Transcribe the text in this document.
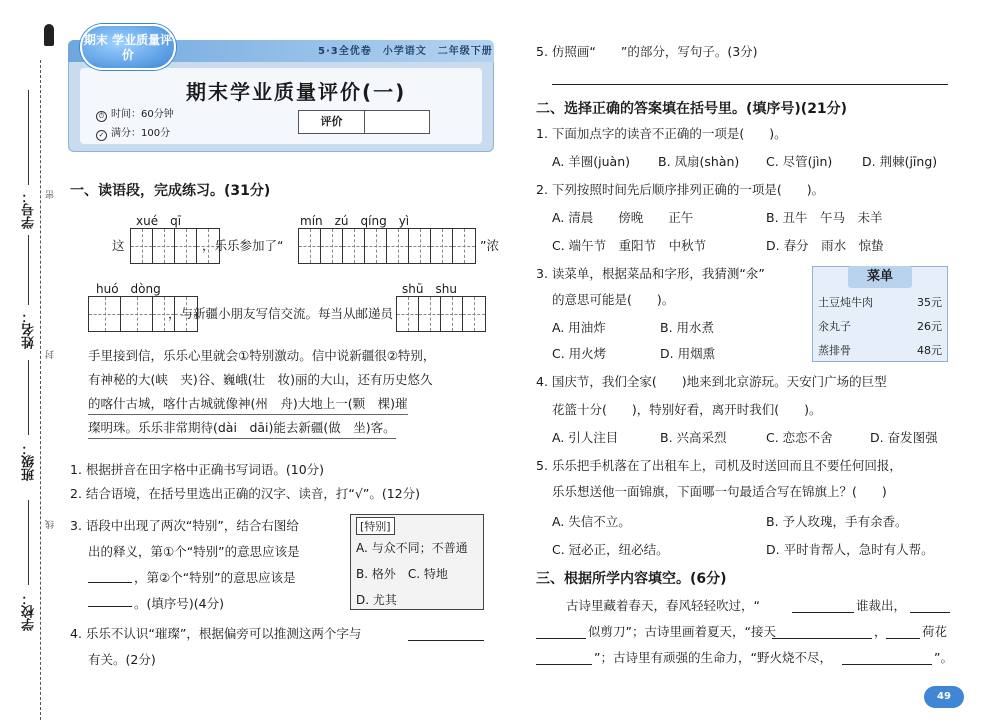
学号：
姓名：
班级：
学校：
密
封
线
期末 学业质量评价	5·3全优卷　小学语文　二年级下册
期末学业质量评价(一)
⏱ 时间：60分钟
✓ 满分：100分
评价
一、读语段，完成练习。(31分)
xué　qī
这	，乐乐参加了“
mín　zú　qíng　yì
”浓
huó　dòng
，与新疆小朋友写信交流。每当从邮递员
shū　shu
手里接到信，乐乐心里就会①特别激动。信中说新疆很②特别，
有神秘的大(峡　夹)谷、巍峨(壮　妆)丽的大山，还有历史悠久
的喀什古城，喀什古城就像神(州　舟)大地上一(颗　棵)璀
璨明珠。乐乐非常期待(dài　dāi)能去新疆(做　坐)客。
1. 根据拼音在田字格中正确书写词语。(10分)
2. 结合语境，在括号里选出正确的汉字、读音，打“√”。(12分)
3. 语段中出现了两次“特别”，结合右图给
出的释义，第①个“特别”的意思应该是
，第②个“特别”的意思应该是
。(填序号)(4分)
[特别]
A. 与众不同；不普通
B. 格外　C. 特地
D. 尤其
4. 乐乐不认识“璀璨”，根据偏旁可以推测这两个字与
有关。(2分)
5. 仿照画“　　”的部分，写句子。(3分)
二、选择正确的答案填在括号里。(填序号)(21分)
1. 下面加点字的读音不正确的一项是(　　)。
A. 羊圈(juàn) B. 凤扇(shàn) C. 尽管(jìn) D. 荆棘(jīng)
2. 下列按照时间先后顺序排列正确的一项是(　　)。
A. 清晨　　傍晚　　正午	B. 丑牛　午马　未羊
C. 端午节　重阳节　中秋节	D. 春分　雨水　惊蛰
3. 读菜单，根据菜品和字形，我猜测“氽”
的意思可能是(　　)。
A. 用油炸	B. 用水煮
C. 用火烤	D. 用烟熏
菜单
土豆炖牛肉	35元
氽丸子	26元
蒸排骨	48元
4. 国庆节，我们全家(　　)地来到北京游玩。天安门广场的巨型
花篮十分(　　)，特别好看，离开时我们(　　)。
A. 引人注目	B. 兴高采烈	C. 恋恋不舍	D. 奋发图强
5. 乐乐把手机落在了出租车上，司机及时送回而且不要任何回报，
乐乐想送他一面锦旗，下面哪一句最适合写在锦旗上？(　　)
A. 失信不立。	B. 予人玫瑰，手有余香。
C. 冠必正，纽必结。	D. 平时肯帮人，急时有人帮。
三、根据所学内容填空。(6分)
古诗里藏着春天，春风轻轻吹过，“	谁裁出，
似剪刀”；古诗里画着夏天，“接天	，	荷花
”；古诗里有顽强的生命力，“野火烧不尽，	”。
49
